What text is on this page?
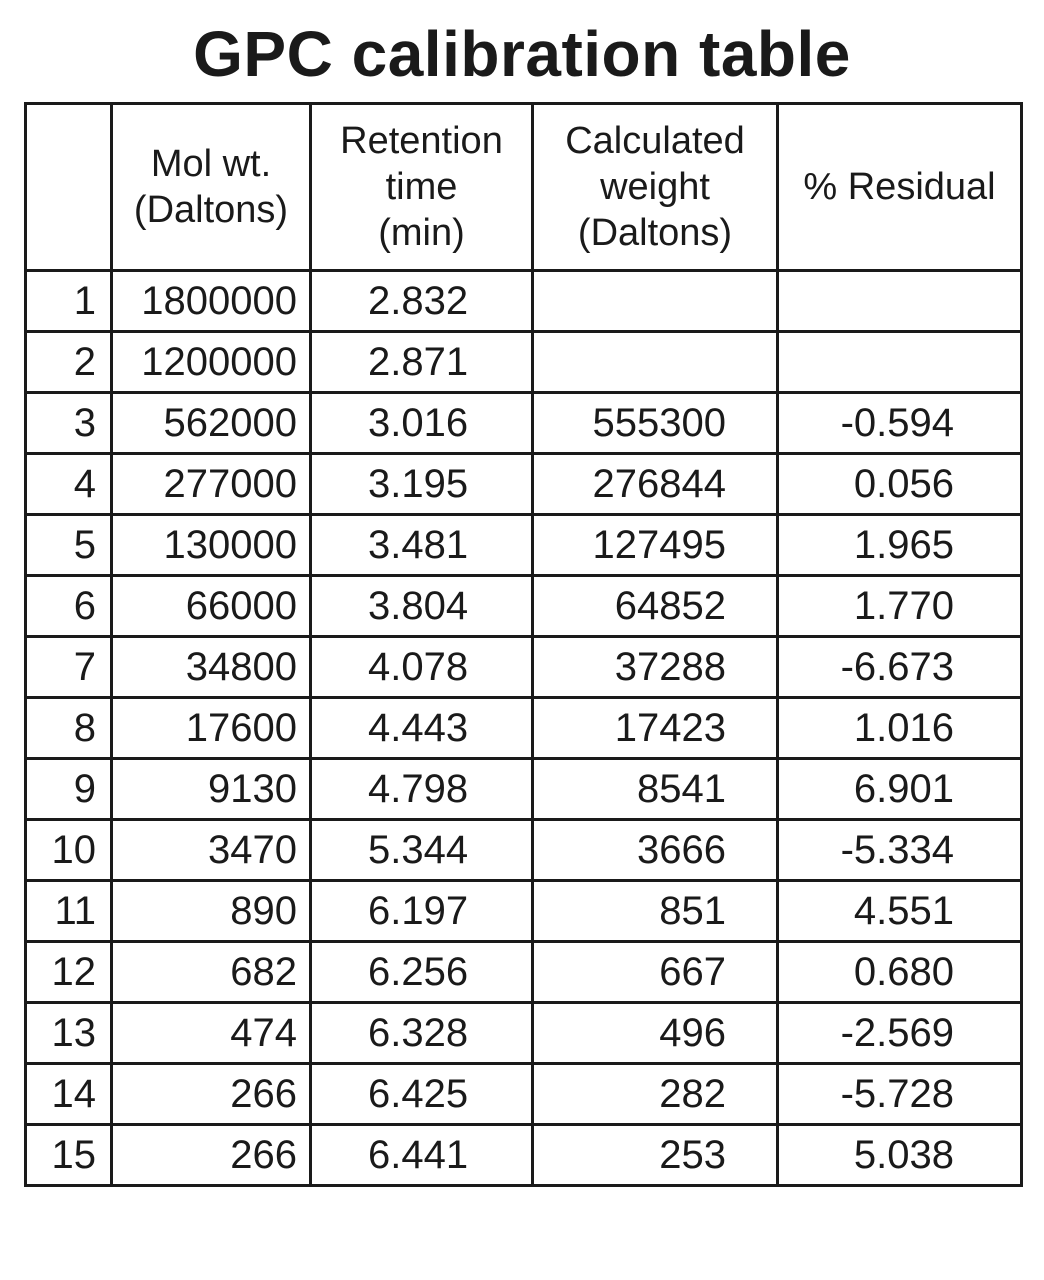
GPC calibration table

	Mol wt.
(Daltons)	Retention
time
(min)	Calculated
weight
(Daltons)	% Residual

1	1800000	2.832		
2	1200000	2.871		
3	562000	3.016	555300	-0.594
4	277000	3.195	276844	0.056
5	130000	3.481	127495	1.965
6	66000	3.804	64852	1.770
7	34800	4.078	37288	-6.673
8	17600	4.443	17423	1.016
9	9130	4.798	8541	6.901
10	3470	5.344	3666	-5.334
11	890	6.197	851	4.551
12	682	6.256	667	0.680
13	474	6.328	496	-2.569
14	266	6.425	282	-5.728
15	266	6.441	253	5.038
